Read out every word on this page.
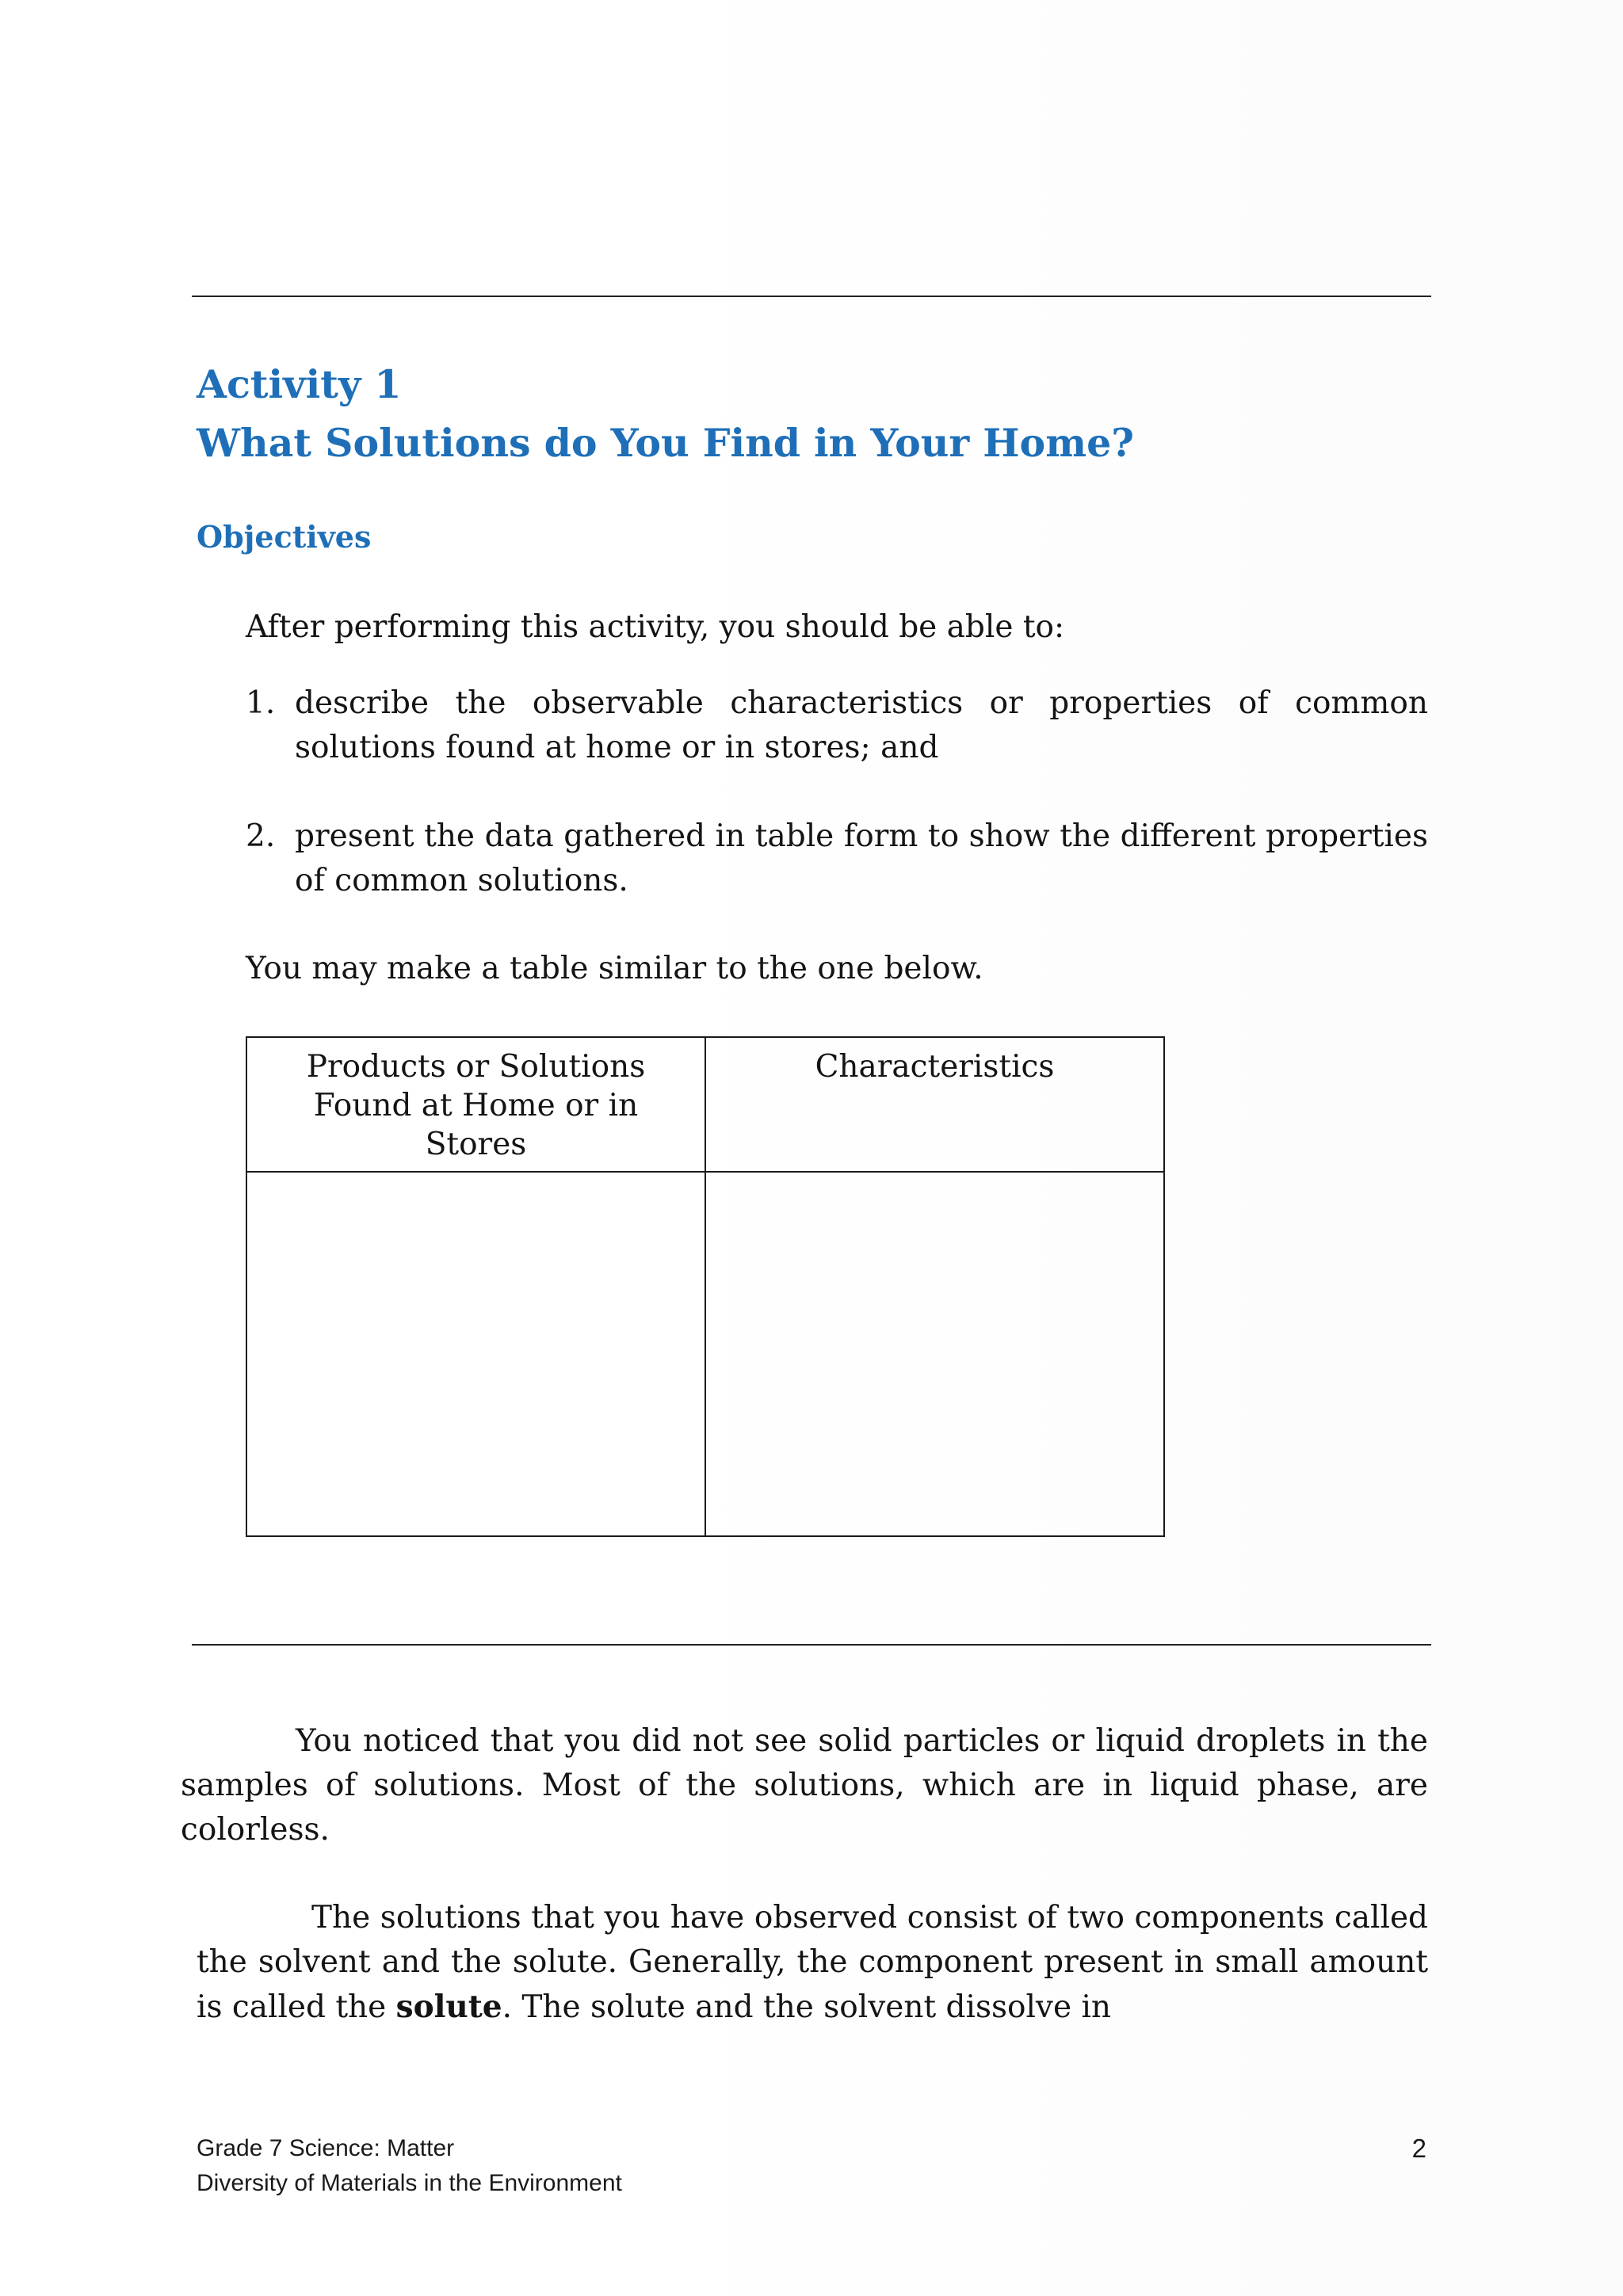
Activity 1
What Solutions do You Find in Your Home?
Objectives

After performing this activity, you should be able to:

1. describe the observable characteristics or properties of common solutions found at home or in stores; and
2. present the data gathered in table form to show the different properties of common solutions.

You may make a table similar to the one below.

Products or Solutions Found at Home or in Stores	Characteristics

You noticed that you did not see solid particles or liquid droplets in the samples of solutions. Most of the solutions, which are in liquid phase, are colorless.

The solutions that you have observed consist of two components called the solvent and the solute. Generally, the component present in small amount is called the solute. The solute and the solvent dissolve in

Grade 7 Science: Matter
Diversity of Materials in the Environment
2
